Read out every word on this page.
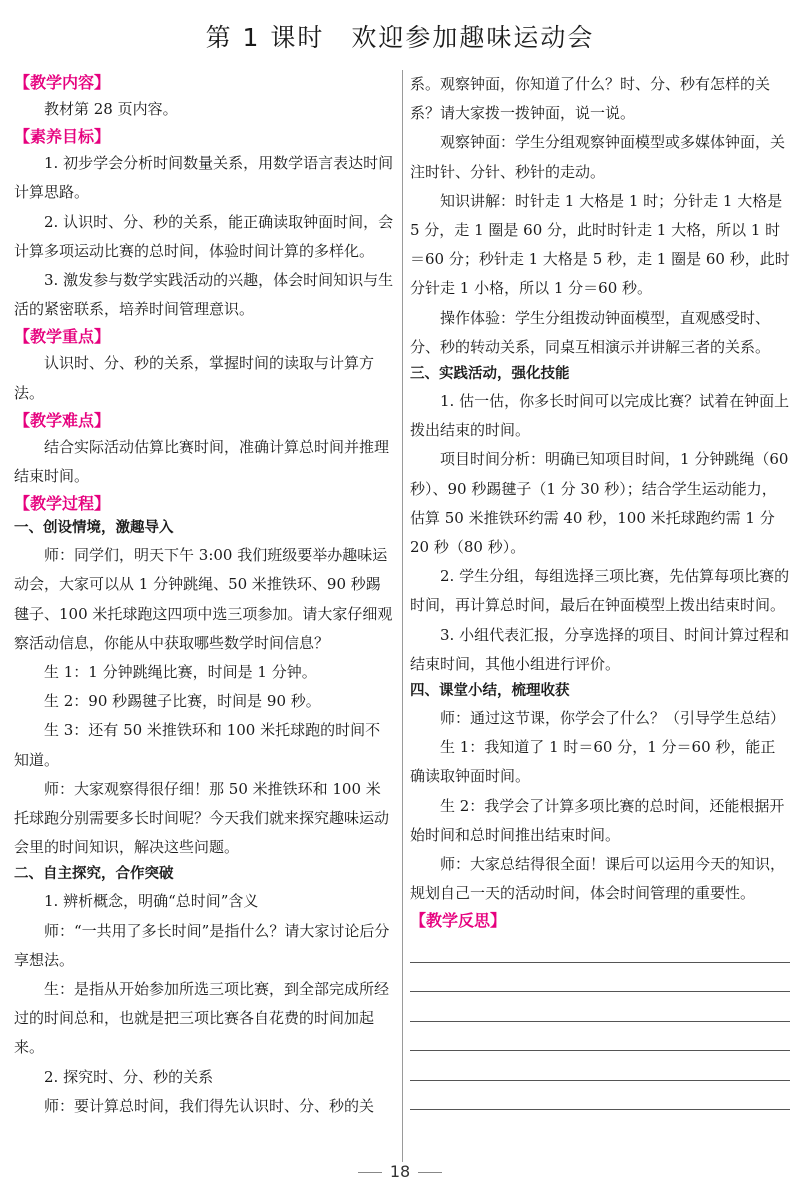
第 1 课时　欢迎参加趣味运动会
【教学内容】
教材第 28 页内容。
【素养目标】
1. 初步学会分析时间数量关系，用数学语言表达时间计算思路。
2. 认识时、分、秒的关系，能正确读取钟面时间，会计算多项运动比赛的总时间，体验时间计算的多样化。
3. 激发参与数学实践活动的兴趣，体会时间知识与生活的紧密联系，培养时间管理意识。
【教学重点】
认识时、分、秒的关系，掌握时间的读取与计算方法。
【教学难点】
结合实际活动估算比赛时间，准确计算总时间并推理结束时间。
【教学过程】
一、创设情境，激趣导入
师：同学们，明天下午 3:00 我们班级要举办趣味运动会，大家可以从 1 分钟跳绳、50 米推铁环、90 秒踢毽子、100 米托球跑这四项中选三项参加。请大家仔细观察活动信息，你能从中获取哪些数学时间信息？
生 1：1 分钟跳绳比赛，时间是 1 分钟。
生 2：90 秒踢毽子比赛，时间是 90 秒。
生 3：还有 50 米推铁环和 100 米托球跑的时间不知道。
师：大家观察得很仔细！那 50 米推铁环和 100 米托球跑分别需要多长时间呢？今天我们就来探究趣味运动会里的时间知识，解决这些问题。
二、自主探究，合作突破
1. 辨析概念，明确“总时间”含义
师：“一共用了多长时间”是指什么？请大家讨论后分享想法。
生：是指从开始参加所选三项比赛，到全部完成所经过的时间总和，也就是把三项比赛各自花费的时间加起来。
2. 探究时、分、秒的关系
师：要计算总时间，我们得先认识时、分、秒的关
系。观察钟面，你知道了什么？时、分、秒有怎样的关系？请大家拨一拨钟面，说一说。
观察钟面：学生分组观察钟面模型或多媒体钟面，关注时针、分针、秒针的走动。
知识讲解：时针走 1 大格是 1 时；分针走 1 大格是 5 分，走 1 圈是 60 分，此时时针走 1 大格，所以 1 时＝60 分；秒针走 1 大格是 5 秒，走 1 圈是 60 秒，此时分针走 1 小格，所以 1 分＝60 秒。
操作体验：学生分组拨动钟面模型，直观感受时、分、秒的转动关系，同桌互相演示并讲解三者的关系。
三、实践活动，强化技能
1. 估一估，你多长时间可以完成比赛？试着在钟面上拨出结束的时间。
项目时间分析：明确已知项目时间，1 分钟跳绳（60 秒）、90 秒踢毽子（1 分 30 秒）；结合学生运动能力，估算 50 米推铁环约需 40 秒，100 米托球跑约需 1 分 20 秒（80 秒）。
2. 学生分组，每组选择三项比赛，先估算每项比赛的时间，再计算总时间，最后在钟面模型上拨出结束时间。
3. 小组代表汇报，分享选择的项目、时间计算过程和结束时间，其他小组进行评价。
四、课堂小结，梳理收获
师：通过这节课，你学会了什么？（引导学生总结）
生 1：我知道了 1 时＝60 分，1 分＝60 秒，能正确读取钟面时间。
生 2：我学会了计算多项比赛的总时间，还能根据开始时间和总时间推出结束时间。
师：大家总结得很全面！课后可以运用今天的知识，规划自己一天的活动时间，体会时间管理的重要性。
【教学反思】
18
